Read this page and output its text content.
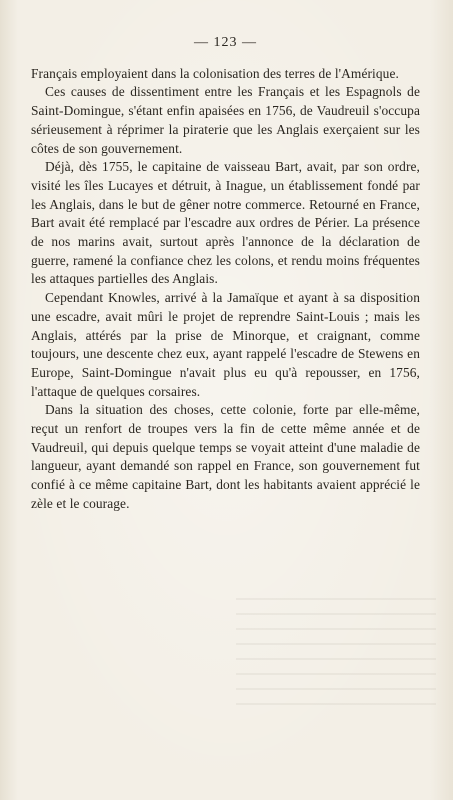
— 123 —

Français employaient dans la colonisation des terres de l'Amérique.

Ces causes de dissentiment entre les Français et les Espagnols de Saint-Domingue, s'étant enfin apaisées en 1756, de Vaudreuil s'occupa sérieusement à réprimer la piraterie que les Anglais exerçaient sur les côtes de son gouvernement.

Déjà, dès 1755, le capitaine de vaisseau Bart, avait, par son ordre, visité les îles Lucayes et détruit, à Inague, un établissement fondé par les Anglais, dans le but de gêner notre commerce. Retourné en France, Bart avait été remplacé par l'escadre aux ordres de Périer. La présence de nos marins avait, surtout après l'annonce de la déclaration de guerre, ramené la confiance chez les colons, et rendu moins fréquentes les attaques partielles des Anglais.

Cependant Knowles, arrivé à la Jamaïque et ayant à sa disposition une escadre, avait mûri le projet de reprendre Saint-Louis ; mais les Anglais, attérés par la prise de Minorque, et craignant, comme toujours, une descente chez eux, ayant rappelé l'escadre de Stewens en Europe, Saint-Domingue n'avait plus eu qu'à repousser, en 1756, l'attaque de quelques corsaires.

Dans la situation des choses, cette colonie, forte par elle-même, reçut un renfort de troupes vers la fin de cette même année et de Vaudreuil, qui depuis quelque temps se voyait atteint d'une maladie de langueur, ayant demandé son rappel en France, son gouvernement fut confié à ce même capitaine Bart, dont les habitants avaient apprécié le zèle et le courage.
